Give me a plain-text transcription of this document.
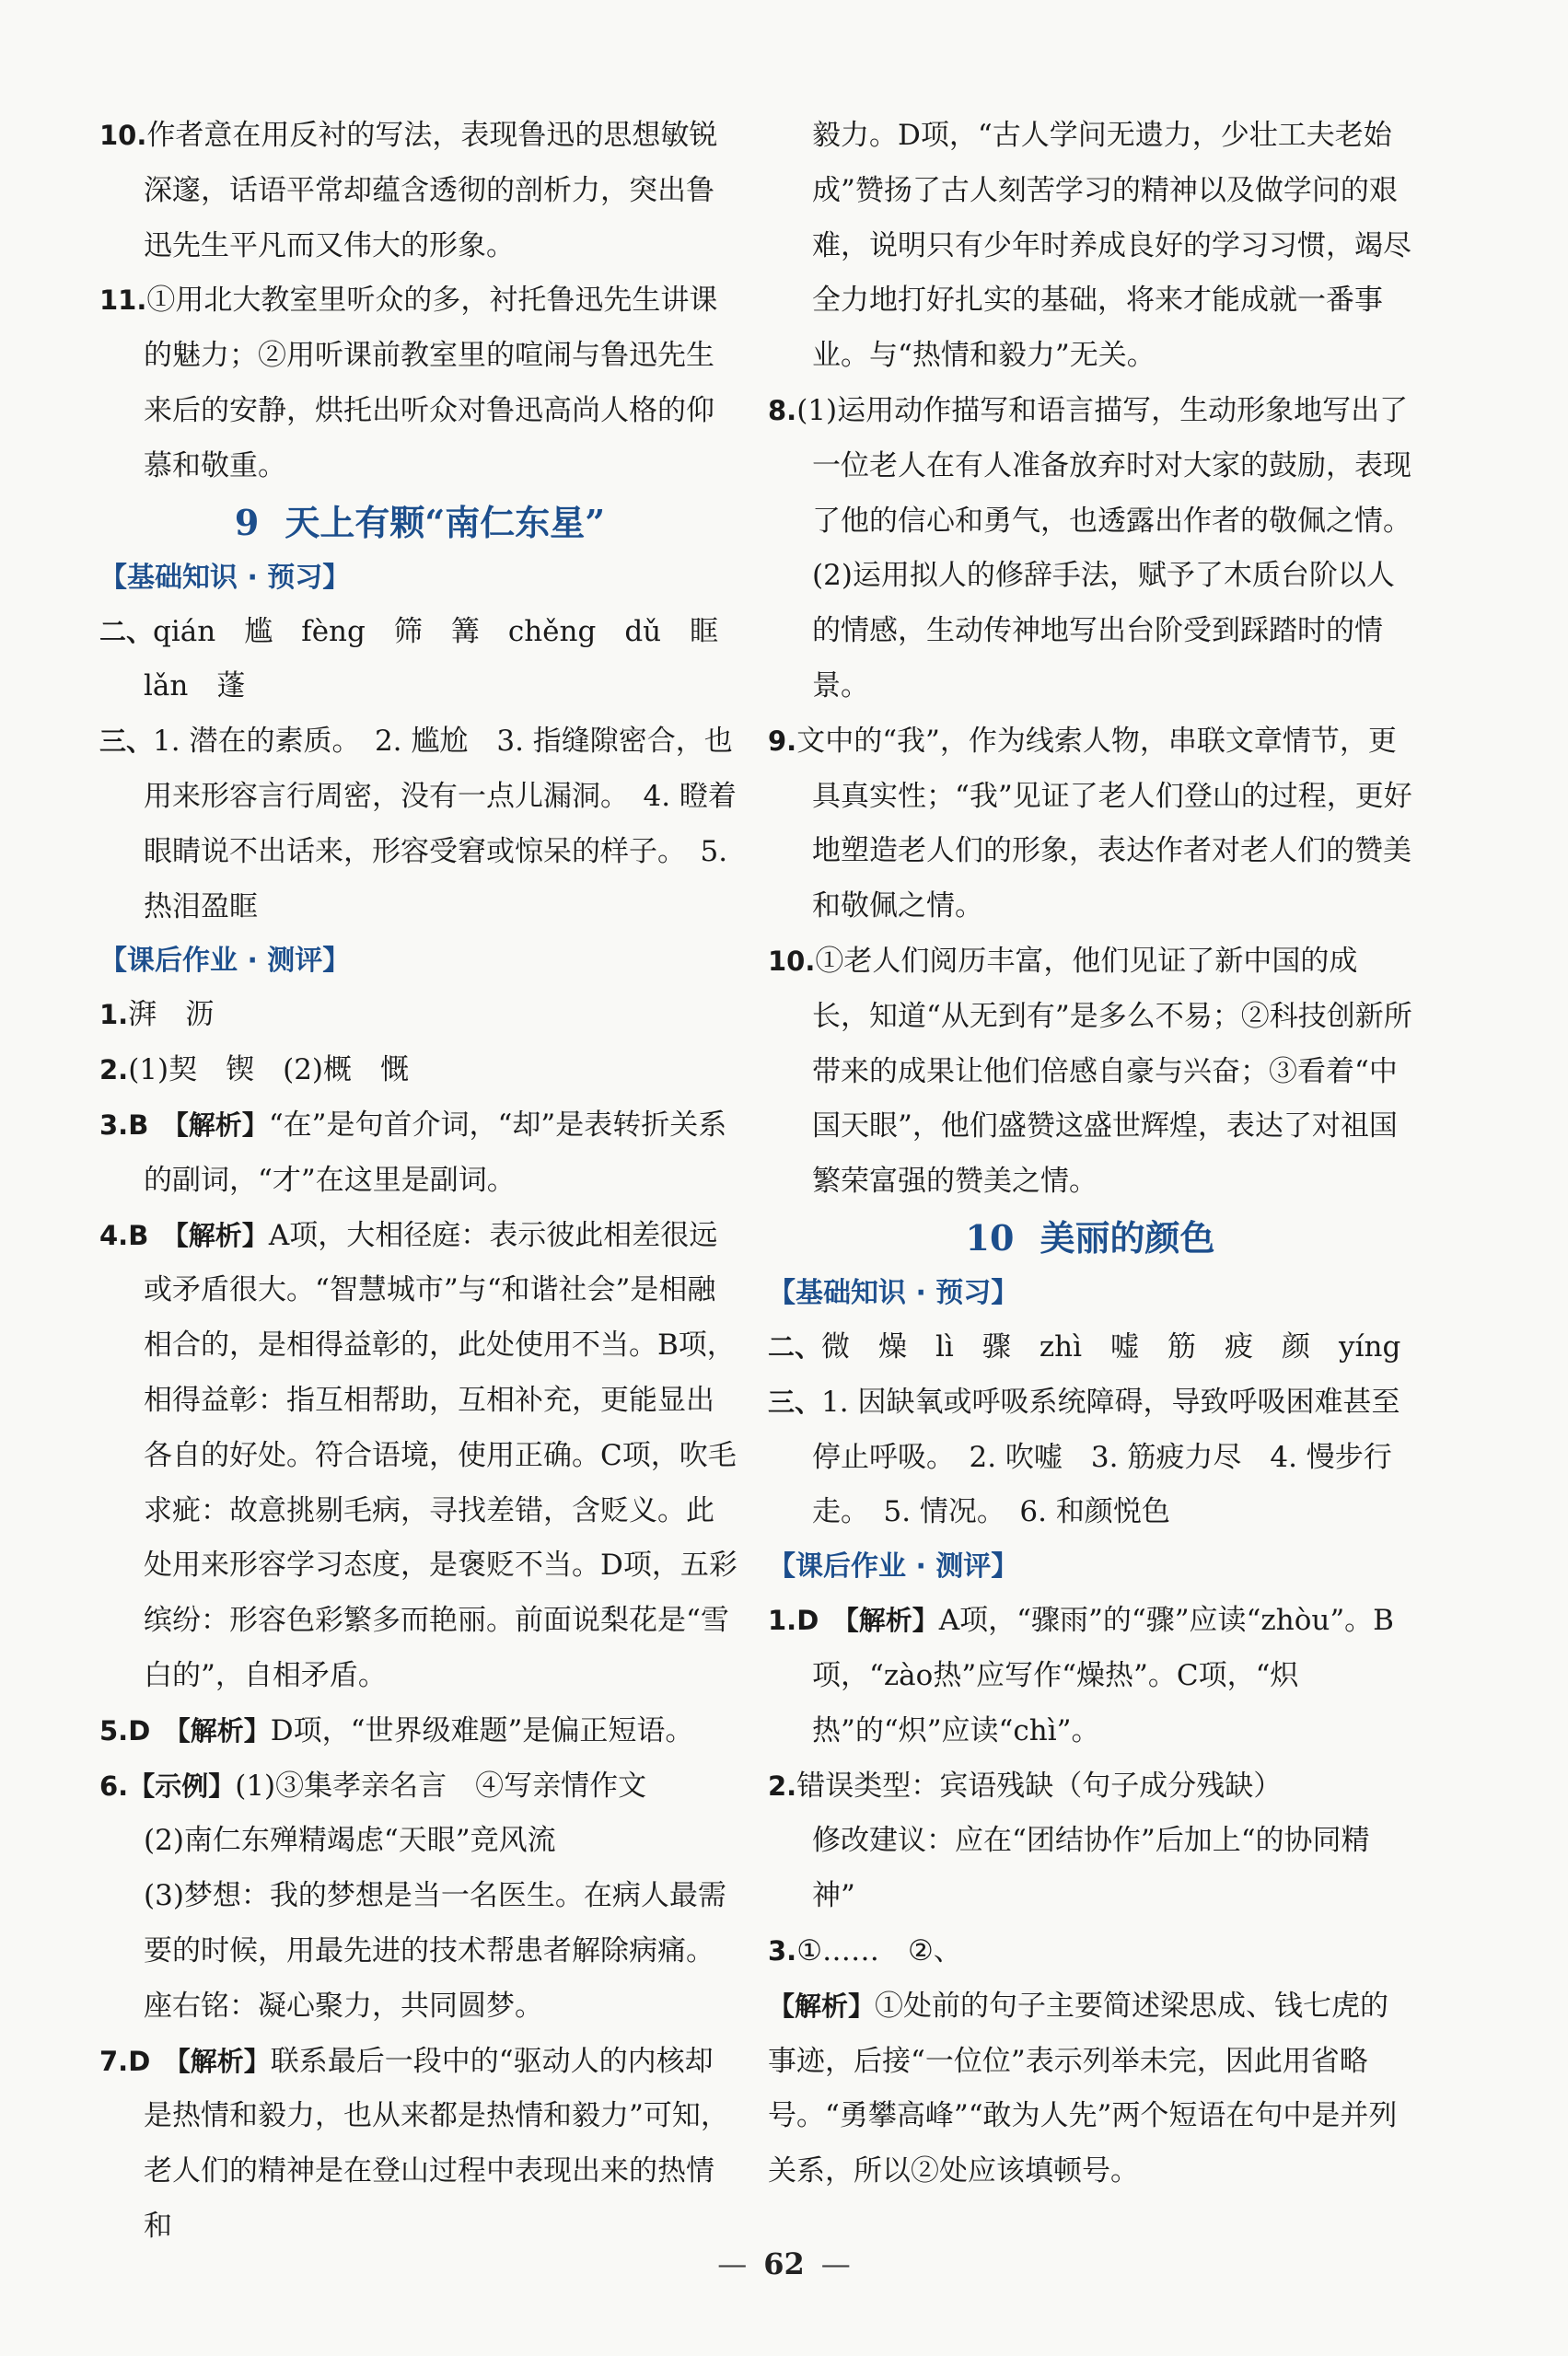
10.作者意在用反衬的写法，表现鲁迅的思想敏锐深邃，话语平常却蕴含透彻的剖析力，突出鲁迅先生平凡而又伟大的形象。

11.①用北大教室里听众的多，衬托鲁迅先生讲课的魅力；②用听课前教室里的喧闹与鲁迅先生来后的安静，烘托出听众对鲁迅高尚人格的仰慕和敬重。

9 天上有颗“南仁东星”

【基础知识 · 预习】

二、qián　尴　fèng　筛　篝　chěng　dǔ　眶　lǎn　蓬

三、1. 潜在的素质。　2. 尴尬　3. 指缝隙密合，也用来形容言行周密，没有一点儿漏洞。　4. 瞪着眼睛说不出话来，形容受窘或惊呆的样子。　5. 热泪盈眶

【课后作业 · 测评】

1.湃　沥

2.(1)契　锲　(2)概　慨

3.B　【解析】“在”是句首介词，“却”是表转折关系的副词，“才”在这里是副词。

4.B　【解析】A项，大相径庭：表示彼此相差很远或矛盾很大。“智慧城市”与“和谐社会”是相融相合的，是相得益彰的，此处使用不当。B项，相得益彰：指互相帮助，互相补充，更能显出各自的好处。符合语境，使用正确。C项，吹毛求疵：故意挑剔毛病，寻找差错，含贬义。此处用来形容学习态度，是褒贬不当。D项，五彩缤纷：形容色彩繁多而艳丽。前面说梨花是“雪白的”，自相矛盾。

5.D　【解析】D项，“世界级难题”是偏正短语。

6.【示例】(1)③集孝亲名言　④写亲情作文

(2)南仁东殚精竭虑“天眼”竞风流

(3)梦想：我的梦想是当一名医生。在病人最需要的时候，用最先进的技术帮患者解除病痛。

座右铭：凝心聚力，共同圆梦。

7.D　【解析】联系最后一段中的“驱动人的内核却是热情和毅力，也从来都是热情和毅力”可知，老人们的精神是在登山过程中表现出来的热情和

毅力。D项，“古人学问无遗力，少壮工夫老始成”赞扬了古人刻苦学习的精神以及做学问的艰难，说明只有少年时养成良好的学习习惯，竭尽全力地打好扎实的基础，将来才能成就一番事业。与“热情和毅力”无关。

8.(1)运用动作描写和语言描写，生动形象地写出了一位老人在有人准备放弃时对大家的鼓励，表现了他的信心和勇气，也透露出作者的敬佩之情。

(2)运用拟人的修辞手法，赋予了木质台阶以人的情感，生动传神地写出台阶受到踩踏时的情景。

9.文中的“我”，作为线索人物，串联文章情节，更具真实性；“我”见证了老人们登山的过程，更好地塑造老人们的形象，表达作者对老人们的赞美和敬佩之情。

10.①老人们阅历丰富，他们见证了新中国的成长，知道“从无到有”是多么不易；②科技创新所带来的成果让他们倍感自豪与兴奋；③看着“中国天眼”，他们盛赞这盛世辉煌，表达了对祖国繁荣富强的赞美之情。

10 美丽的颜色

【基础知识 · 预习】

二、微　燥　lì　骤　zhì　嘘　筋　疲　颜　yíng

三、1. 因缺氧或呼吸系统障碍，导致呼吸困难甚至停止呼吸。　2. 吹嘘　3. 筋疲力尽　4. 慢步行走。　5. 情况。　6. 和颜悦色

【课后作业 · 测评】

1.D　【解析】A项，“骤雨”的“骤”应读“zhòu”。B项，“zào热”应写作“燥热”。C项，“炽热”的“炽”应读“chì”。

2.错误类型：宾语残缺（句子成分残缺）

修改建议：应在“团结协作”后加上“的协同精神”

3.①……　②、

【解析】①处前的句子主要简述梁思成、钱七虎的事迹，后接“一位位”表示列举未完，因此用省略号。“勇攀高峰”“敢为人先”两个短语在句中是并列关系，所以②处应该填顿号。

— 62 —
